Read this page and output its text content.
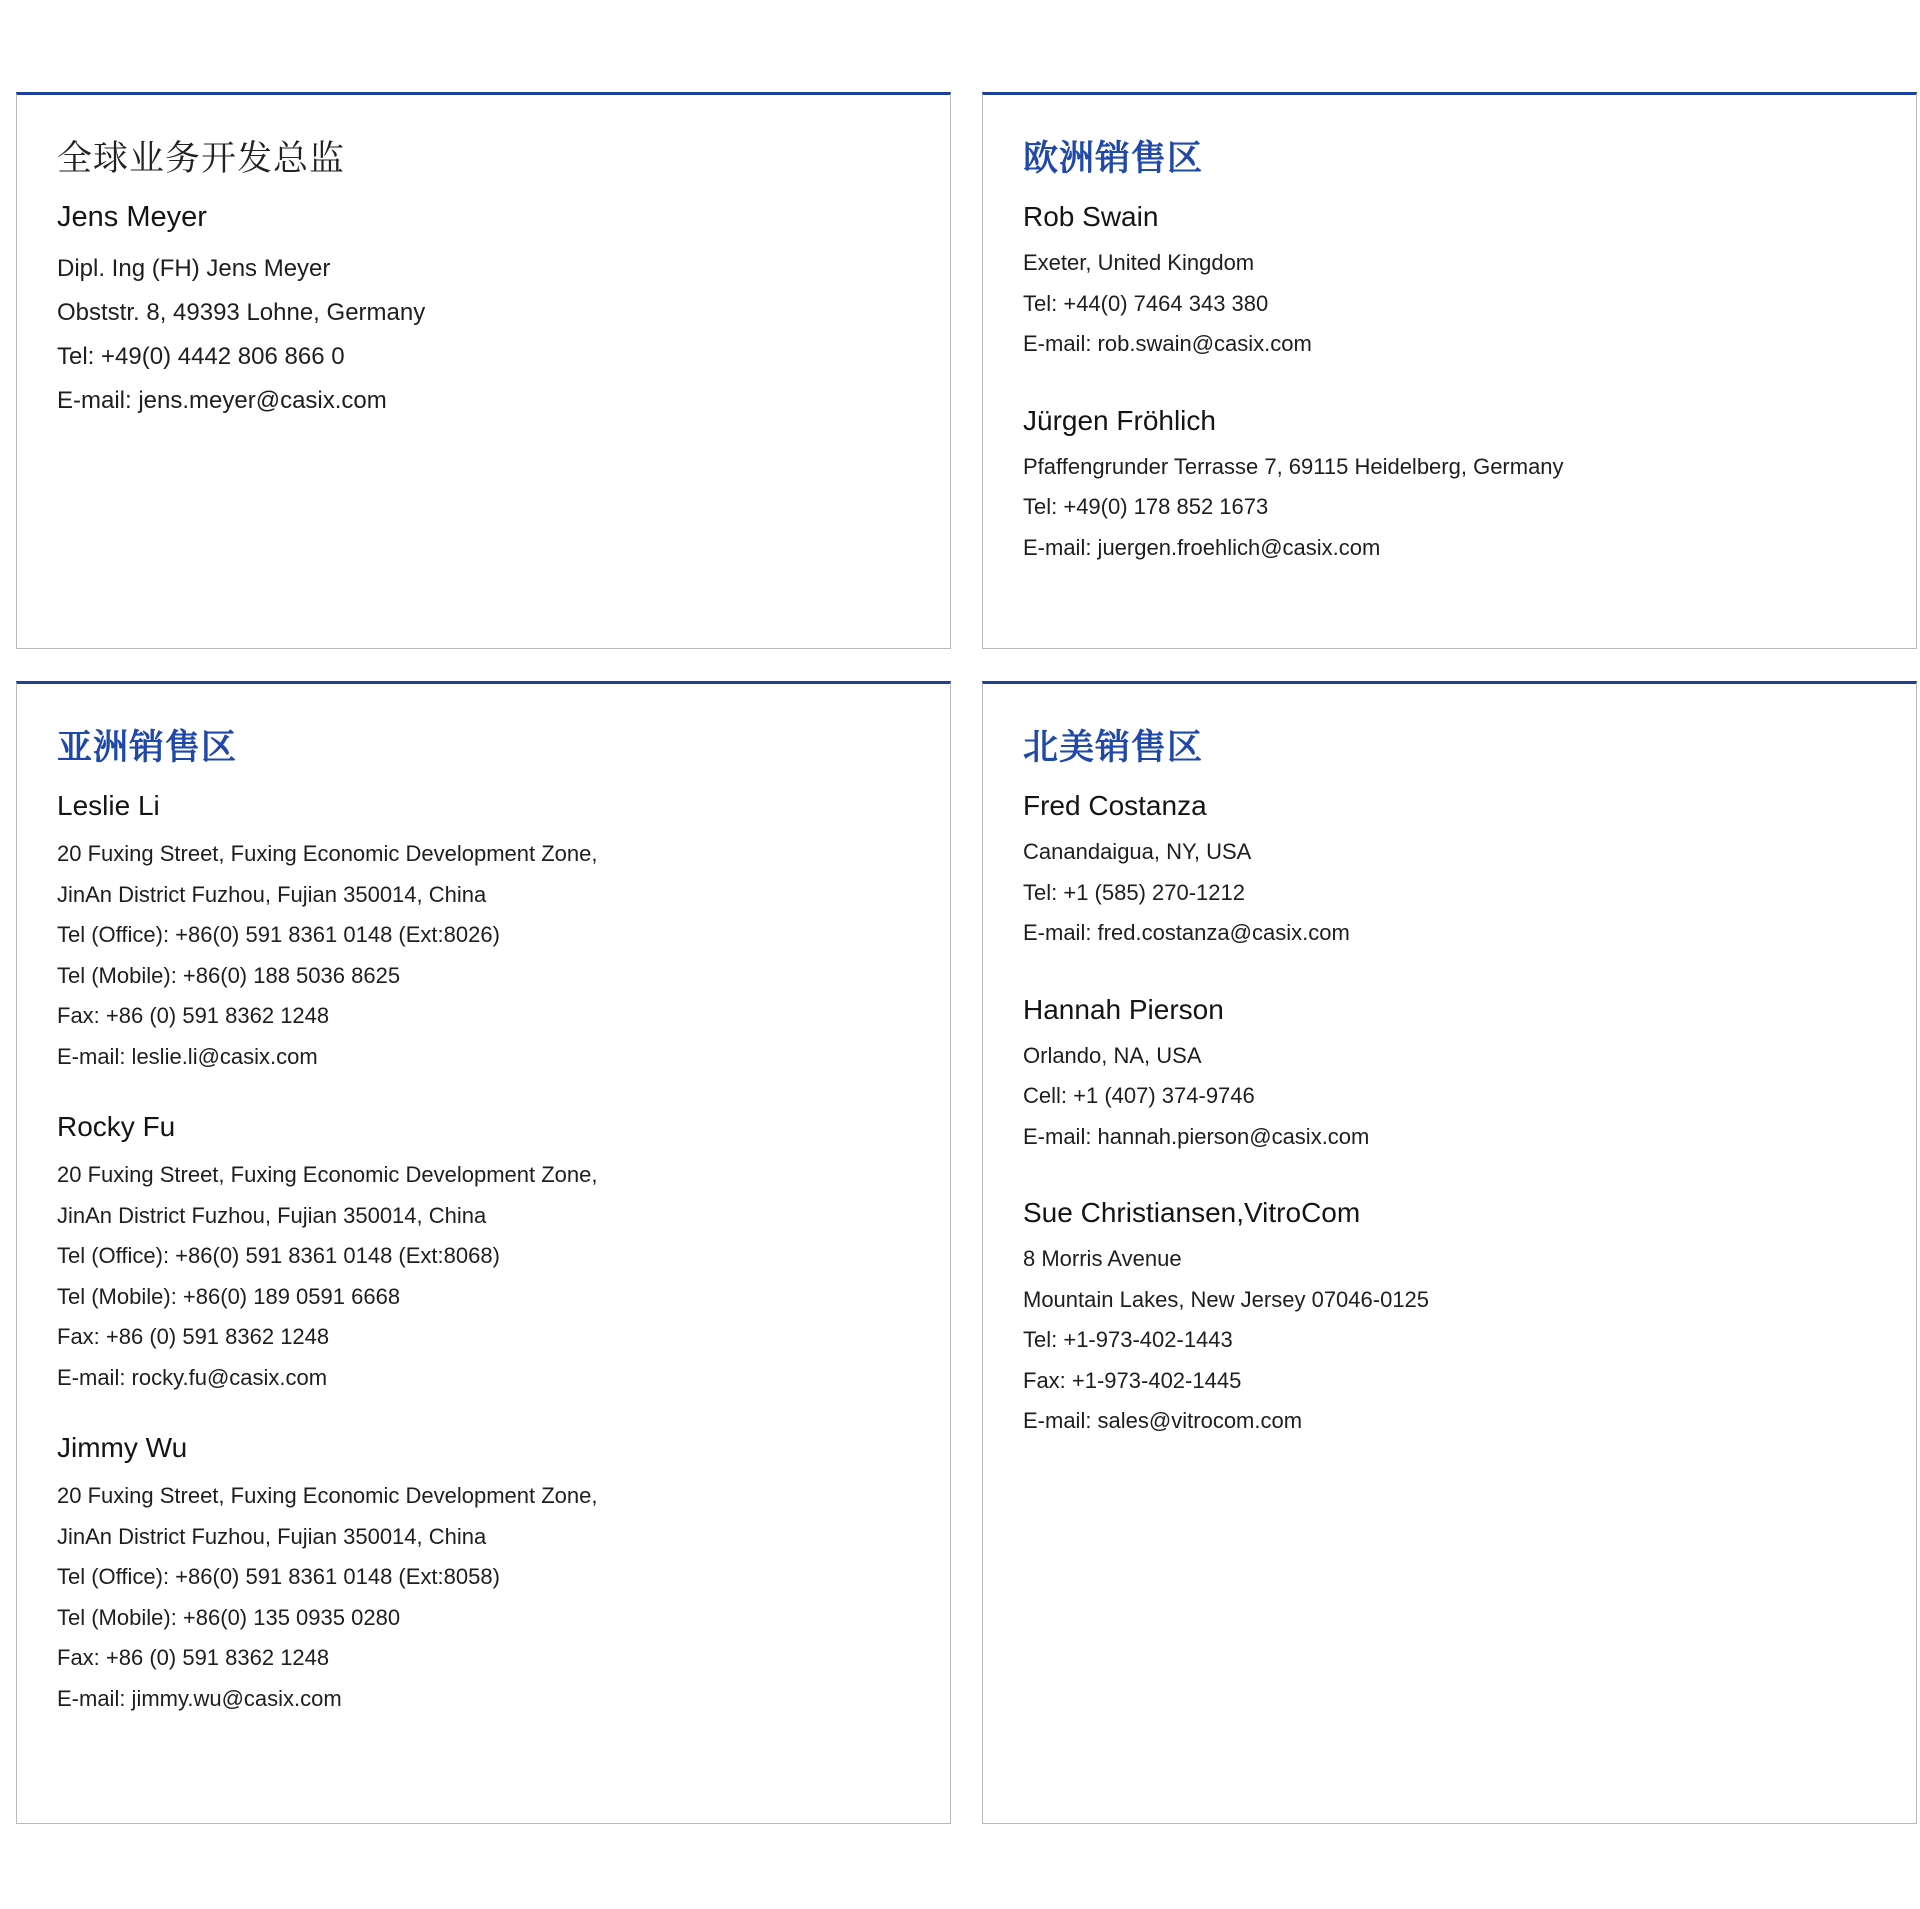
全球业务开发总监
Jens Meyer
Dipl. Ing (FH) Jens Meyer
Obststr. 8, 49393 Lohne, Germany
Tel: +49(0) 4442 806 866 0
E-mail: jens.meyer@casix.com
欧洲销售区
Rob Swain
Exeter, United Kingdom
Tel: +44(0) 7464 343 380
E-mail: rob.swain@casix.com
Jürgen Fröhlich
Pfaffengrunder Terrasse 7, 69115 Heidelberg, Germany
Tel: +49(0) 178 852 1673
E-mail: juergen.froehlich@casix.com
亚洲销售区
Leslie Li
20 Fuxing Street, Fuxing Economic Development Zone,
JinAn District Fuzhou, Fujian 350014, China
Tel (Office): +86(0) 591 8361 0148 (Ext:8026)
Tel (Mobile): +86(0) 188 5036 8625
Fax: +86 (0) 591 8362 1248
E-mail: leslie.li@casix.com
Rocky Fu
20 Fuxing Street, Fuxing Economic Development Zone,
JinAn District Fuzhou, Fujian 350014, China
Tel (Office): +86(0) 591 8361 0148 (Ext:8068)
Tel (Mobile): +86(0) 189 0591 6668
Fax: +86 (0) 591 8362 1248
E-mail: rocky.fu@casix.com
Jimmy Wu
20 Fuxing Street, Fuxing Economic Development Zone,
JinAn District Fuzhou, Fujian 350014, China
Tel (Office): +86(0) 591 8361 0148 (Ext:8058)
Tel (Mobile): +86(0) 135 0935 0280
Fax: +86 (0) 591 8362 1248
E-mail: jimmy.wu@casix.com
北美销售区
Fred Costanza
Canandaigua, NY, USA
Tel: +1 (585) 270-1212
E-mail: fred.costanza@casix.com
Hannah Pierson
Orlando, NA, USA
Cell: +1 (407) 374-9746
E-mail: hannah.pierson@casix.com
Sue Christiansen,VitroCom
8 Morris Avenue
Mountain Lakes, New Jersey 07046-0125
Tel: +1-973-402-1443
Fax: +1-973-402-1445
E-mail: sales@vitrocom.com
